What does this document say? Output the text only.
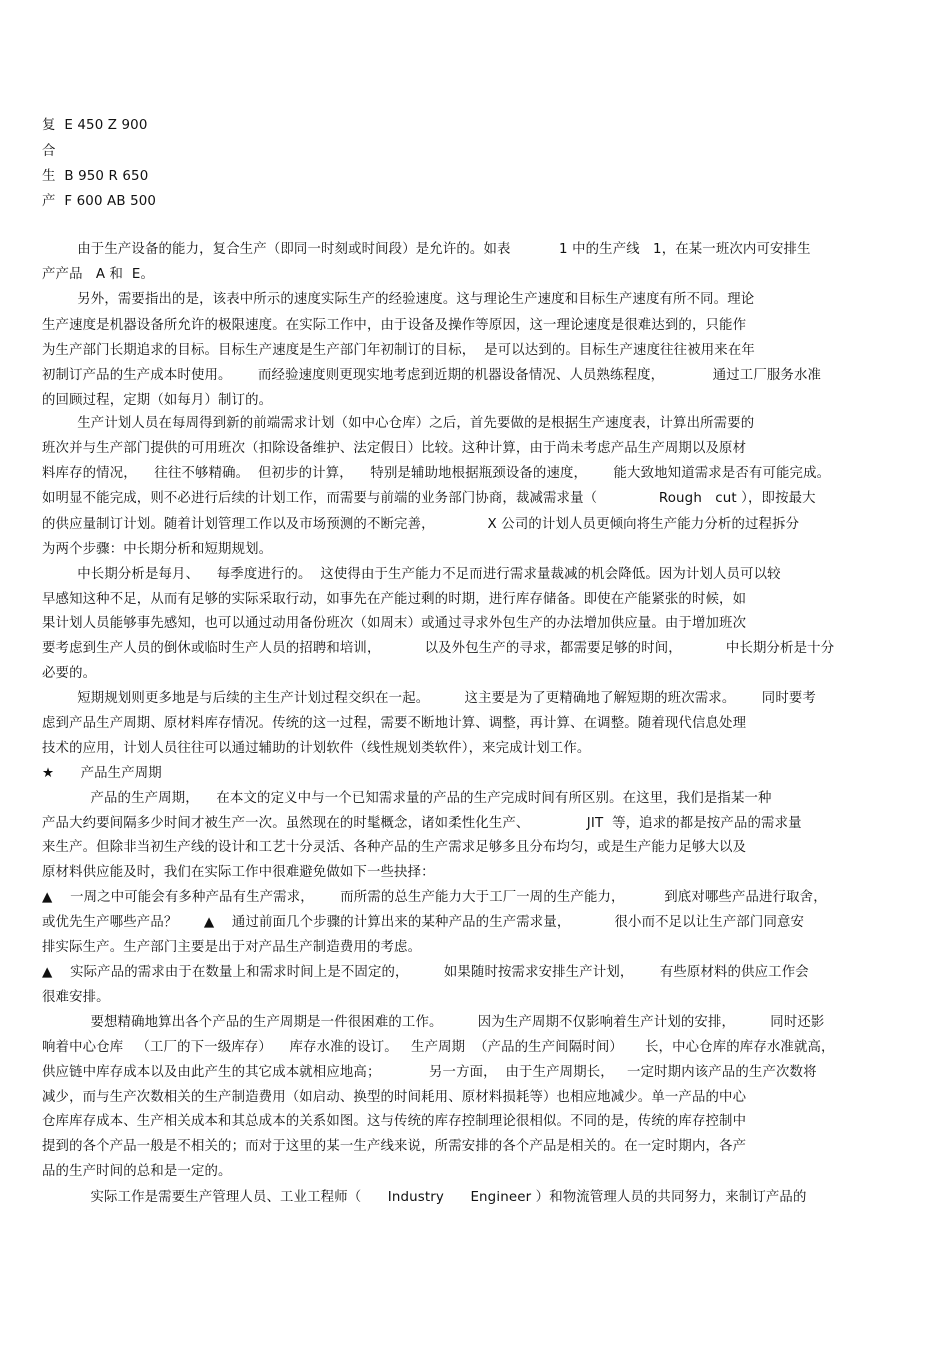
复  E 450 Z 900
合
生  B 950 R 650
产  F 600 AB 500
由于生产设备的能力，复合生产（即同一时刻或时间段）是允许的。如表           1 中的生产线   1，在某一班次内可安排生
产产品   A 和  E。
另外，需要指出的是，该表中所示的速度实际生产的经验速度。这与理论生产速度和目标生产速度有所不同。理论
生产速度是机器设备所允许的极限速度。在实际工作中，由于设备及操作等原因，这一理论速度是很难达到的，只能作
为生产部门长期追求的目标。目标生产速度是生产部门年初制订的目标，  是可以达到的。目标生产速度往往被用来在年
初制订产品的生产成本时使用。      而经验速度则更现实地考虑到近期的机器设备情况、人员熟练程度，           通过工厂服务水准
的回顾过程，定期（如每月）制订的。
生产计划人员在每周得到新的前端需求计划（如中心仓库）之后，首先要做的是根据生产速度表，计算出所需要的
班次并与生产部门提供的可用班次（扣除设备维护、法定假日）比较。这种计算，由于尚未考虑产品生产周期以及原材
料库存的情况，    往往不够精确。  但初步的计算，    特别是辅助地根据瓶颈设备的速度，      能大致地知道需求是否有可能完成。
如明显不能完成，则不必进行后续的计划工作，而需要与前端的业务部门协商，裁减需求量（              Rough   cut ），即按最大
的供应量制订计划。随着计划管理工作以及市场预测的不断完善，            X 公司的计划人员更倾向将生产能力分析的过程拆分
为两个步骤：中长期分析和短期规划。
中长期分析是每月、    每季度进行的。  这使得由于生产能力不足而进行需求量裁减的机会降低。因为计划人员可以较
早感知这种不足，从而有足够的实际采取行动，如事先在产能过剩的时期，进行库存储备。即使在产能紧张的时候，如
果计划人员能够事先感知，也可以通过动用备份班次（如周末）或通过寻求外包生产的办法增加供应量。由于增加班次
要考虑到生产人员的倒休或临时生产人员的招聘和培训，          以及外包生产的寻求，都需要足够的时间，          中长期分析是十分
必要的。
短期规划则更多地是与后续的主生产计划过程交织在一起。        这主要是为了更精确地了解短期的班次需求。      同时要考
虑到产品生产周期、原材料库存情况。传统的这一过程，需要不断地计算、调整，再计算、在调整。随着现代信息处理
技术的应用，计划人员往往可以通过辅助的计划软件（线性规划类软件），来完成计划工作。
★      产品生产周期
产品的生产周期，    在本文的定义中与一个已知需求量的产品的生产完成时间有所区别。在这里，我们是指某一种
产品大约要间隔多少时间才被生产一次。虽然现在的时髦概念，诸如柔性化生产、             JIT  等，追求的都是按产品的需求量
来生产。但除非当初生产线的设计和工艺十分灵活、各种产品的生产需求足够多且分布均匀，或是生产能力足够大以及
原材料供应能及时，我们在实际工作中很难避免做如下一些抉择：
▲    一周之中可能会有多种产品有生产需求，      而所需的总生产能力大于工厂一周的生产能力，         到底对哪些产品进行取舍，
或优先生产哪些产品？      ▲    通过前面几个步骤的计算出来的某种产品的生产需求量，          很小而不足以让生产部门同意安
排实际生产。生产部门主要是出于对产品生产制造费用的考虑。
▲    实际产品的需求由于在数量上和需求时间上是不固定的，        如果随时按需求安排生产计划，      有些原材料的供应工作会
很难安排。
要想精确地算出各个产品的生产周期是一件很困难的工作。        因为生产周期不仅影响着生产计划的安排，        同时还影
响着中心仓库   （工厂的下一级库存）    库存水准的设订。   生产周期  （产品的生产间隔时间）     长，中心仓库的库存水准就高，
供应链中库存成本以及由此产生的其它成本就相应地高；           另一方面，  由于生产周期长，   一定时期内该产品的生产次数将
减少，而与生产次数相关的生产制造费用（如启动、换型的时间耗用、原材料损耗等）也相应地减少。单一产品的中心
仓库库存成本、生产相关成本和其总成本的关系如图。这与传统的库存控制理论很相似。不同的是，传统的库存控制中
提到的各个产品一般是不相关的；而对于这里的某一生产线来说，所需安排的各个产品是相关的。在一定时期内，各产
品的生产时间的总和是一定的。
实际工作是需要生产管理人员、工业工程师（      Industry      Engineer ）和物流管理人员的共同努力，来制订产品的
